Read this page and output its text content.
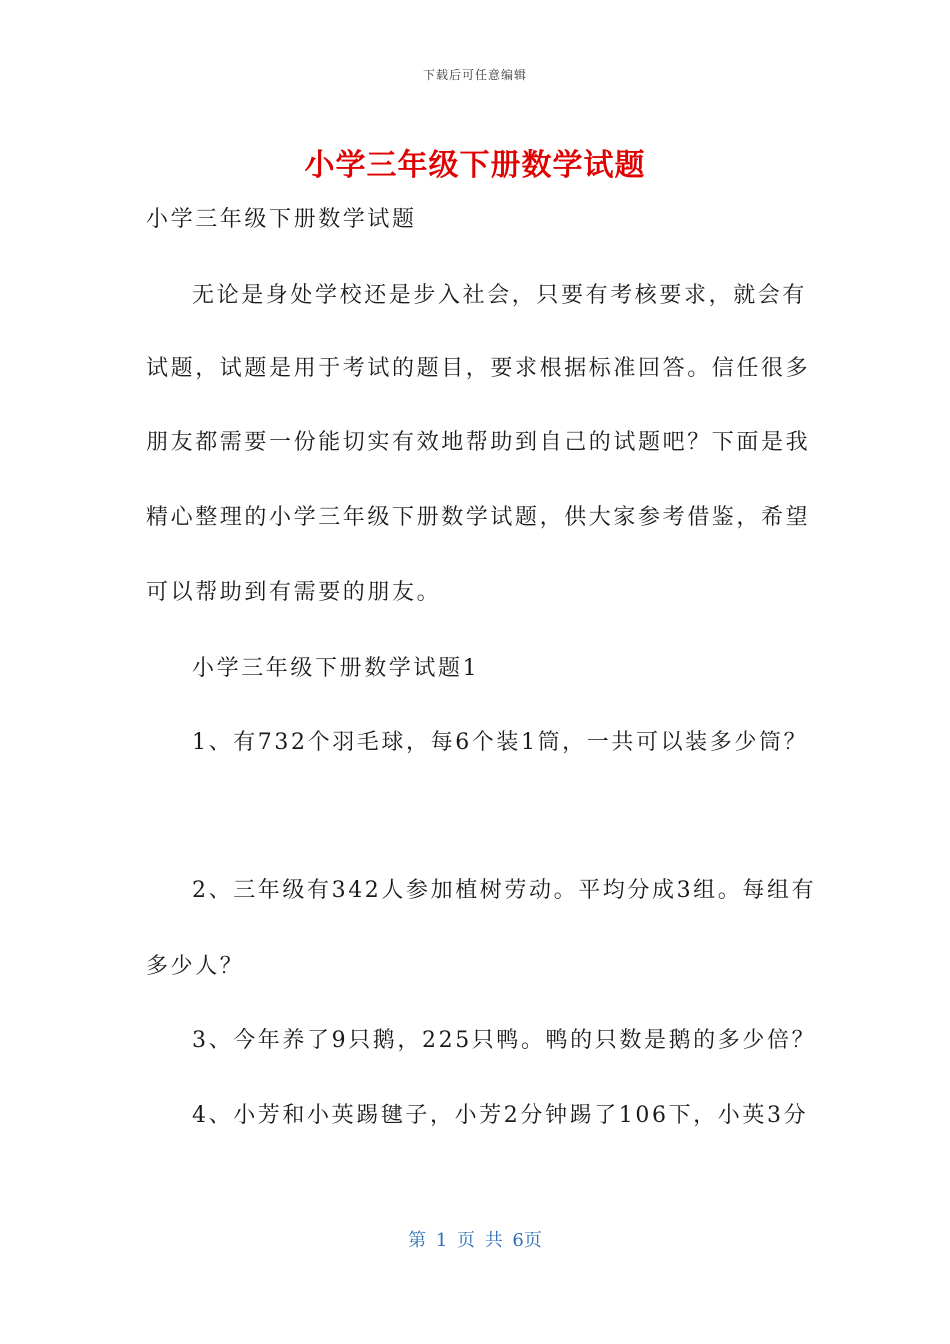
下载后可任意编辑
小学三年级下册数学试题
小学三年级下册数学试题
无论是身处学校还是步入社会，只要有考核要求，就会有
试题，试题是用于考试的题目，要求根据标准回答。信任很多
朋友都需要一份能切实有效地帮助到自己的试题吧？下面是我
精心整理的小学三年级下册数学试题，供大家参考借鉴，希望
可以帮助到有需要的朋友。
小学三年级下册数学试题1
1、有732个羽毛球，每6个装1筒，一共可以装多少筒？
2、三年级有342人参加植树劳动。平均分成3组。每组有
多少人？
3、今年养了9只鹅，225只鸭。鸭的只数是鹅的多少倍？
4、小芳和小英踢毽子，小芳2分钟踢了106下，小英3分
第 1 页 共 6页
